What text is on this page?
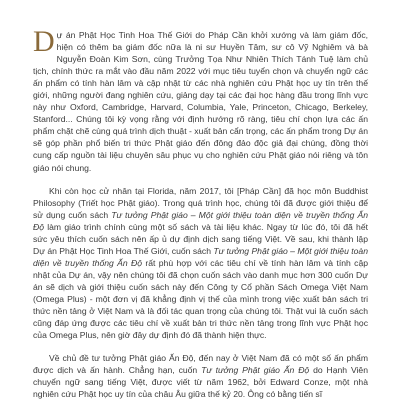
Dự án Phật Học Tinh Hoa Thế Giới do Pháp Cần khởi xướng và làm giám đốc, hiện có thêm ba giám đốc nữa là ni sư Huyền Tâm, sư cô Vỹ Nghiêm và bà Nguyễn Đoàn Kim Sơn, cùng Trưởng Tọa Như Nhiên Thích Tánh Tuệ làm chủ tịch, chính thức ra mắt vào đầu năm 2022 với mục tiêu tuyển chọn và chuyển ngữ các ấn phẩm có tính hàn lâm và cập nhật từ các nhà nghiên cứu Phật học uy tín trên thế giới, những người đang nghiên cứu, giảng dạy tại các đại học hàng đầu trong lĩnh vực này như Oxford, Cambridge, Harvard, Columbia, Yale, Princeton, Chicago, Berkeley, Stanford... Chúng tôi kỳ vọng rằng với định hướng rõ ràng, tiêu chí chọn lựa các ấn phẩm chặt chẽ cùng quá trình dịch thuật - xuất bản cẩn trọng, các ấn phẩm trong Dự án sẽ góp phần phổ biến tri thức Phật giáo đến đông đảo độc giả đại chúng, đồng thời cung cấp nguồn tài liệu chuyên sâu phục vụ cho nghiên cứu Phật giáo nói riêng và tôn giáo nói chung.

Khi còn học cử nhân tại Florida, năm 2017, tôi [Pháp Cần] đã học môn Buddhist Philosophy (Triết học Phật giáo). Trong quá trình học, chúng tôi đã được giới thiệu để sử dụng cuốn sách Tư tưởng Phật giáo – Một giới thiệu toàn diện về truyền thống Ấn Độ làm giáo trình chính cùng một số sách và tài liệu khác. Ngay từ lúc đó, tôi đã hết sức yêu thích cuốn sách nên ấp ủ dự định dịch sang tiếng Việt. Về sau, khi thành lập Dự án Phật Học Tinh Hoa Thế Giới, cuốn sách Tư tưởng Phật giáo – Một giới thiệu toàn diện về truyền thống Ấn Độ rất phù hợp với các tiêu chí về tính hàn lâm và tính cập nhật của Dự án, vậy nên chúng tôi đã chọn cuốn sách vào danh mục hơn 300 cuốn Dự án sẽ dịch và giới thiệu cuốn sách này đến Công ty Cổ phần Sách Omega Việt Nam (Omega Plus) - một đơn vị đã khẳng định vị thế của mình trong việc xuất bản sách tri thức nền tảng ở Việt Nam và là đối tác quan trọng của chúng tôi. Thật vui là cuốn sách cũng đáp ứng được các tiêu chí về xuất bản tri thức nền tảng trong lĩnh vực Phật học của Omega Plus, nên giờ đây dự định đó đã thành hiện thực.

Về chủ đề tư tưởng Phật giáo Ấn Độ, đến nay ở Việt Nam đã có một số ấn phẩm được dịch và ấn hành. Chẳng hạn, cuốn Tư tưởng Phật giáo Ấn Độ do Hạnh Viên chuyển ngữ sang tiếng Việt, được viết từ năm 1962, bởi Edward Conze, một nhà nghiên cứu Phật học uy tín của châu Âu giữa thế kỷ 20. Ông có bằng tiến sĩ
